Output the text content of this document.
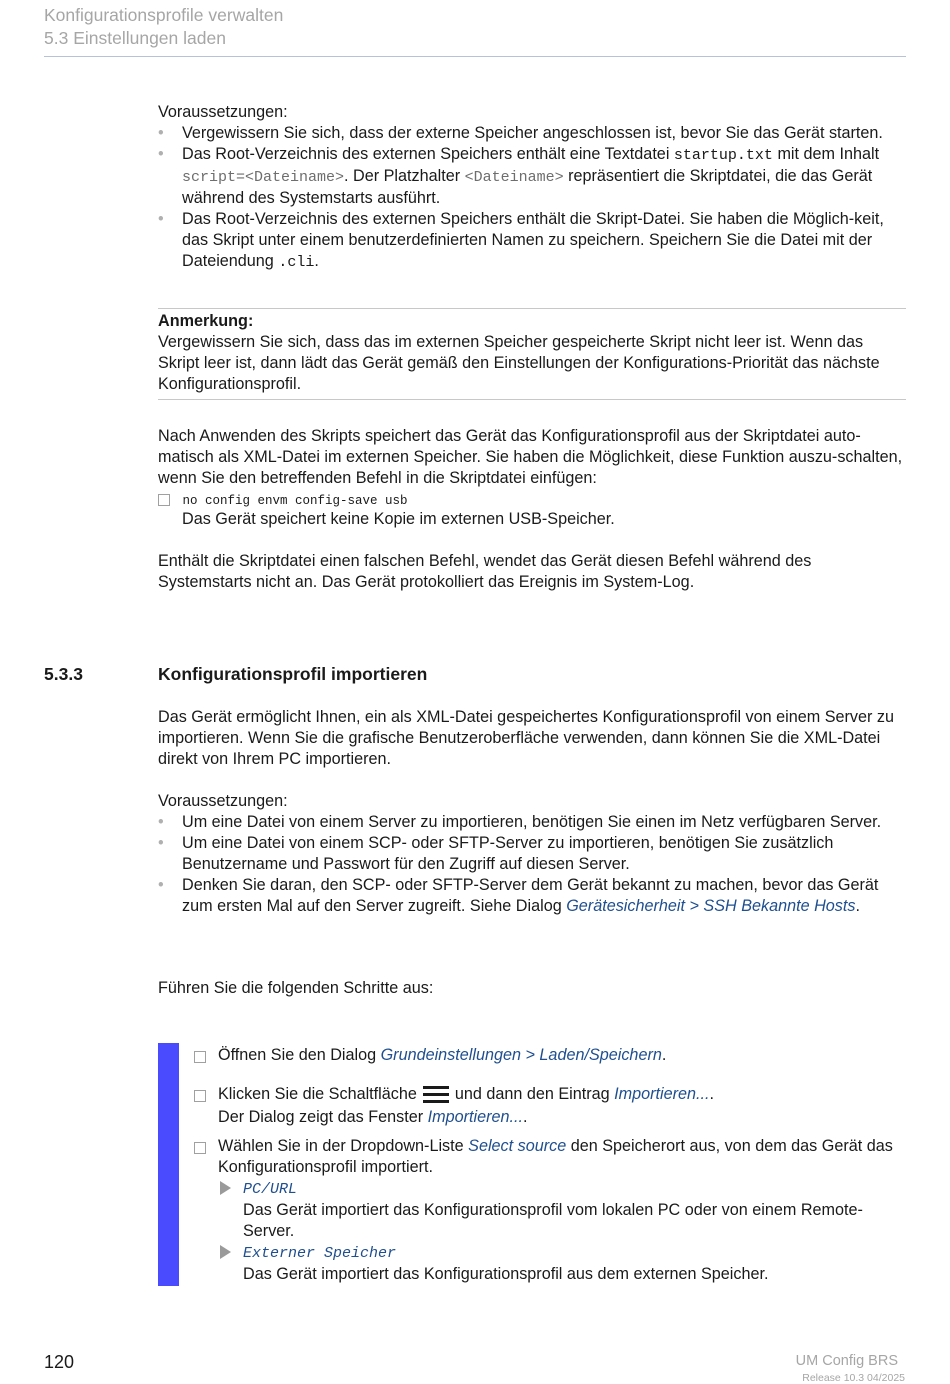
Konfigurationsprofile verwalten
5.3 Einstellungen laden

Voraussetzungen:

• Vergewissern Sie sich, dass der externe Speicher angeschlossen ist, bevor Sie das Gerät starten.
• Das Root-Verzeichnis des externen Speichers enthält eine Textdatei startup.txt mit dem Inhalt script=<Dateiname>. Der Platzhalter <Dateiname> repräsentiert die Skriptdatei, die das Gerät während des Systemstarts ausführt.
• Das Root-Verzeichnis des externen Speichers enthält die Skript-Datei. Sie haben die Möglich-keit, das Skript unter einem benutzerdefinierten Namen zu speichern. Speichern Sie die Datei mit der Dateiendung .cli.

Anmerkung:

Vergewissern Sie sich, dass das im externen Speicher gespeicherte Skript nicht leer ist. Wenn das Skript leer ist, dann lädt das Gerät gemäß den Einstellungen der Konfigurations-Priorität das nächste Konfigurationsprofil.

Nach Anwenden des Skripts speichert das Gerät das Konfigurationsprofil aus der Skriptdatei auto-matisch als XML-Datei im externen Speicher. Sie haben die Möglichkeit, diese Funktion auszu-schalten, wenn Sie den betreffenden Befehl in die Skriptdatei einfügen:

no config envm config-save usb
Das Gerät speichert keine Kopie im externen USB-Speicher.

Enthält die Skriptdatei einen falschen Befehl, wendet das Gerät diesen Befehl während des Systemstarts nicht an. Das Gerät protokolliert das Ereignis im System-Log.

5.3.3	Konfigurationsprofil importieren

Das Gerät ermöglicht Ihnen, ein als XML-Datei gespeichertes Konfigurationsprofil von einem Server zu importieren. Wenn Sie die grafische Benutzeroberfläche verwenden, dann können Sie die XML-Datei direkt von Ihrem PC importieren.

Voraussetzungen:

• Um eine Datei von einem Server zu importieren, benötigen Sie einen im Netz verfügbaren Server.
• Um eine Datei von einem SCP- oder SFTP-Server zu importieren, benötigen Sie zusätzlich Benutzername und Passwort für den Zugriff auf diesen Server.
• Denken Sie daran, den SCP- oder SFTP-Server dem Gerät bekannt zu machen, bevor das Gerät zum ersten Mal auf den Server zugreift. Siehe Dialog Gerätesicherheit > SSH Bekannte Hosts.
Führen Sie die folgenden Schritte aus:
Öffnen Sie den Dialog Grundeinstellungen > Laden/Speichern.
Klicken Sie die Schaltfläche und dann den Eintrag Importieren....
Der Dialog zeigt das Fenster Importieren....
Wählen Sie in der Dropdown-Liste Select source den Speicherort aus, von dem das Gerät das Konfigurationsprofil importiert.
PC/URL
Das Gerät importiert das Konfigurationsprofil vom lokalen PC oder von einem Remote-Server.
Externer Speicher
Das Gerät importiert das Konfigurationsprofil aus dem externen Speicher.
120	UM Config BRS
Release 10.3 04/2025
